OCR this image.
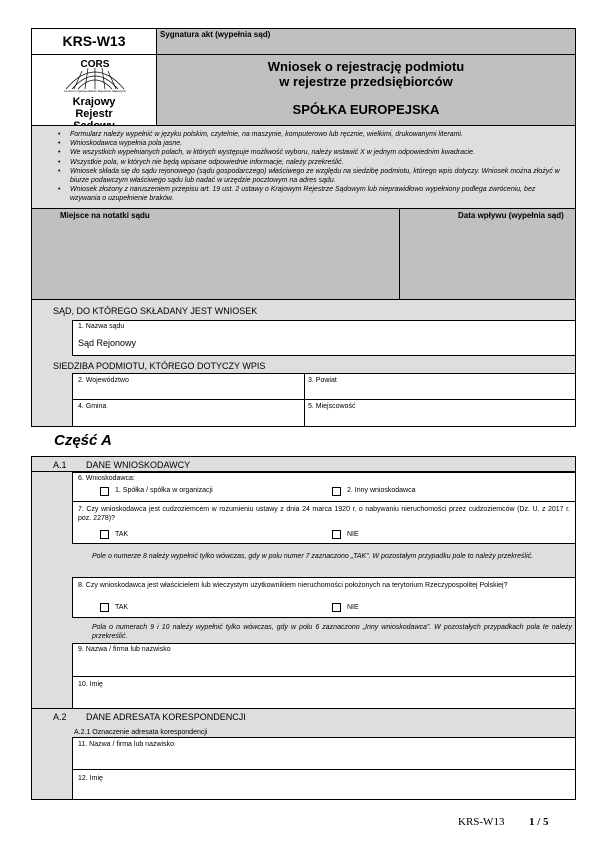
KRS-W13	Sygnatura akt (wypełnia sąd)
CORS
Centrum Ogólnopolskich Rejestrów Sądowych
Krajowy Rejestr
Wniosek o rejestrację podmiotu
w rejestrze przedsiębiorców
SPÓŁKA EUROPEJSKA
• Formularz należy wypełnić w języku polskim, czytelnie, na maszynie, komputerowo lub ręcznie, wielkimi, drukowanymi literami.
• Wnioskodawca wypełnia pola jasne.
• We wszystkich wypełnianych polach, w których występuje możliwość wyboru, należy wstawić X w jednym odpowiednim kwadracie.
• Wszystkie pola, w których nie będą wpisane odpowiednie informacje, należy przekreślić.
• Wniosek składa się do sądu rejonowego (sądu gospodarczego) właściwego ze względu na siedzibę podmiotu, którego wpis dotyczy. Wniosek można złożyć w biurze podawczym właściwego sądu lub nadać w urzędzie pocztowym na adres sądu.
• Wniosek złożony z naruszeniem przepisu art. 19 ust. 2 ustawy o Krajowym Rejestrze Sądowym lub nieprawidłowo wypełniony podlega zwróceniu, bez wzywania o uzupełnienie braków.
Miejsce na notatki sądu	Data wpływu (wypełnia sąd)
SĄD, DO KTÓREGO SKŁADANY JEST WNIOSEK
1. Nazwa sądu
Sąd Rejonowy
SIEDZIBA PODMIOTU, KTÓREGO DOTYCZY WPIS
2. Województwo	3. Powiat
4. Gmina	5. Miejscowość
Część A
A.1 DANE WNIOSKODAWCY
6. Wnioskodawca:
1. Spółka / spółka w organizacji	2. Inny wnioskodawca
7. Czy wnioskodawca jest cudzoziemcem w rozumieniu ustawy z dnia 24 marca 1920 r. o nabywaniu nieruchomości przez cudzoziemców (Dz. U. z 2017 r. poz. 2278)?
TAK	NIE
Pole o numerze 8 należy wypełnić tylko wówczas, gdy w polu numer 7 zaznaczono „TAK”. W pozostałym przypadku pole to należy przekreślić.
8. Czy wnioskodawca jest właścicielem lub wieczystym użytkownikiem nieruchomości położonych na terytorium Rzeczypospolitej Polskiej?
TAK	NIE
Pola o numerach 9 i 10 należy wypełnić tylko wówczas, gdy w polu 6 zaznaczono „Inny wnioskodawca”. W pozostałych przypadkach pola te należy przekreślić.
9. Nazwa / firma lub nazwisko
10. Imię
A.2 DANE ADRESATA KORESPONDENCJI
A.2.1 Oznaczenie adresata korespondencji
11. Nazwa / firma lub nazwisko
12. Imię
KRS-W13 1 / 5
